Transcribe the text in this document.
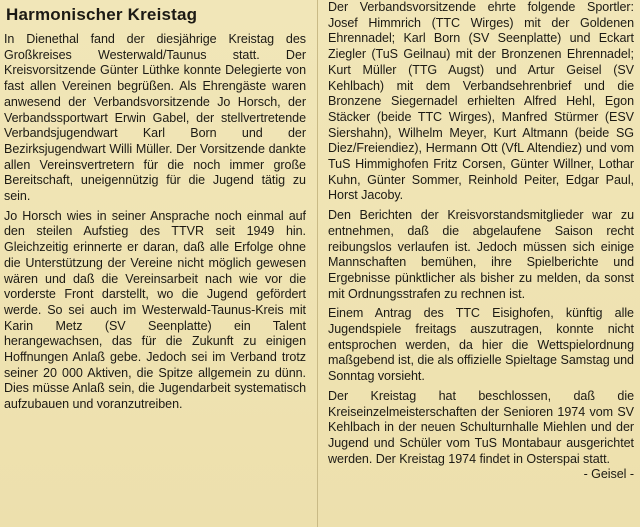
Harmonischer Kreistag

In Dienethal fand der diesjährige Kreistag des Großkreises Westerwald/Taunus statt. Der Kreisvorsitzende Günter Lüthke konnte Delegierte von fast allen Vereinen begrüßen. Als Ehrengäste waren anwesend der Verbandsvorsitzende Jo Horsch, der Verbandssportwart Erwin Gabel, der stellvertretende Verbandsjugendwart Karl Born und der Bezirksjugendwart Willi Müller. Der Vorsitzende dankte allen Vereinsvertretern für die noch immer große Bereitschaft, uneigennützig für die Jugend tätig zu sein.

Jo Horsch wies in seiner Ansprache noch einmal auf den steilen Aufstieg des TTVR seit 1949 hin. Gleichzeitig erinnerte er daran, daß alle Erfolge ohne die Unterstützung der Vereine nicht möglich gewesen wären und daß die Vereinsarbeit nach wie vor die vorderste Front darstellt, wo die Jugend gefördert werde. So sei auch im Westerwald-Taunus-Kreis mit Karin Metz (SV Seenplatte) ein Talent herangewachsen, das für die Zukunft zu einigen Hoffnungen Anlaß gebe. Jedoch sei im Verband trotz seiner 20 000 Aktiven, die Spitze allgemein zu dünn. Dies müsse Anlaß sein, die Jugendarbeit systematisch aufzubauen und voranzutreiben.

Der Verbandsvorsitzende ehrte folgende Sportler: Josef Himmrich (TTC Wirges) mit der Goldenen Ehrennadel; Karl Born (SV Seenplatte) und Eckart Ziegler (TuS Geilnau) mit der Bronzenen Ehrennadel; Kurt Müller (TTG Augst) und Artur Geisel (SV Kehlbach) mit dem Verbandsehrenbrief und die Bronzene Siegernadel erhielten Alfred Hehl, Egon Stäcker (beide TTC Wirges), Manfred Stürmer (ESV Siershahn), Wilhelm Meyer, Kurt Altmann (beide SG Diez/Freiendiez), Hermann Ott (VfL Altendiez) und vom TuS Himmighofen Fritz Corsen, Günter Willner, Lothar Kuhn, Günter Sommer, Reinhold Peiter, Edgar Paul, Horst Jacoby.

Den Berichten der Kreisvorstandsmitglieder war zu entnehmen, daß die abgelaufene Saison recht reibungslos verlaufen ist. Jedoch müssen sich einige Mannschaften bemühen, ihre Spielberichte und Ergebnisse pünktlicher als bisher zu melden, da sonst mit Ordnungsstrafen zu rechnen ist.

Einem Antrag des TTC Eisighofen, künftig alle Jugendspiele freitags auszutragen, konnte nicht entsprochen werden, da hier die Wettspielordnung maßgebend ist, die als offizielle Spieltage Samstag und Sonntag vorsieht.

Der Kreistag hat beschlossen, daß die Kreiseinzelmeisterschaften der Senioren 1974 vom SV Kehlbach in der neuen Schulturnhalle Miehlen und der Jugend und Schüler vom TuS Montabaur ausgerichtet werden. Der Kreistag 1974 findet in Osterspai statt.
- Geisel -
